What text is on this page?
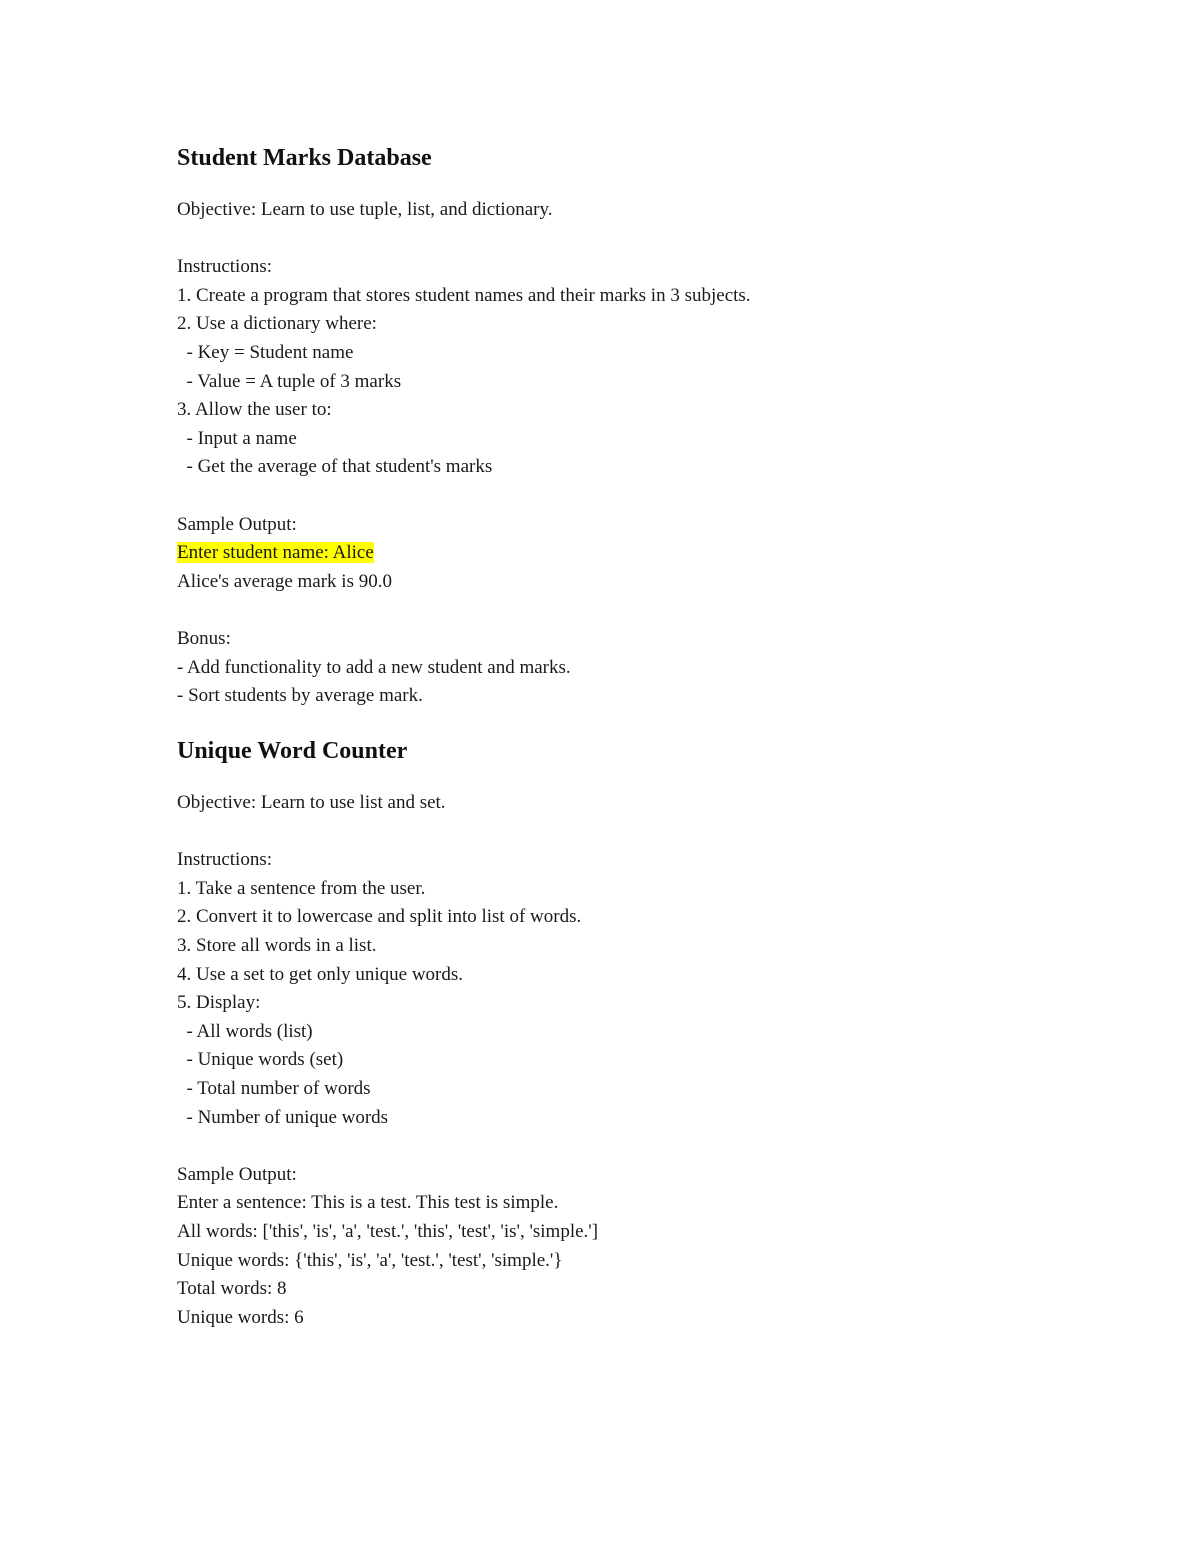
Student Marks Database
Objective: Learn to use tuple, list, and dictionary.
Instructions:
1. Create a program that stores student names and their marks in 3 subjects.
2. Use a dictionary where:
- Key = Student name
- Value = A tuple of 3 marks
3. Allow the user to:
- Input a name
- Get the average of that student's marks
Sample Output:
Enter student name: Alice
Alice's average mark is 90.0
Bonus:
- Add functionality to add a new student and marks.
- Sort students by average mark.
Unique Word Counter
Objective: Learn to use list and set.
Instructions:
1. Take a sentence from the user.
2. Convert it to lowercase and split into list of words.
3. Store all words in a list.
4. Use a set to get only unique words.
5. Display:
- All words (list)
- Unique words (set)
- Total number of words
- Number of unique words
Sample Output:
Enter a sentence: This is a test. This test is simple.
All words: ['this', 'is', 'a', 'test.', 'this', 'test', 'is', 'simple.']
Unique words: {'this', 'is', 'a', 'test.', 'test', 'simple.'}
Total words: 8
Unique words: 6
